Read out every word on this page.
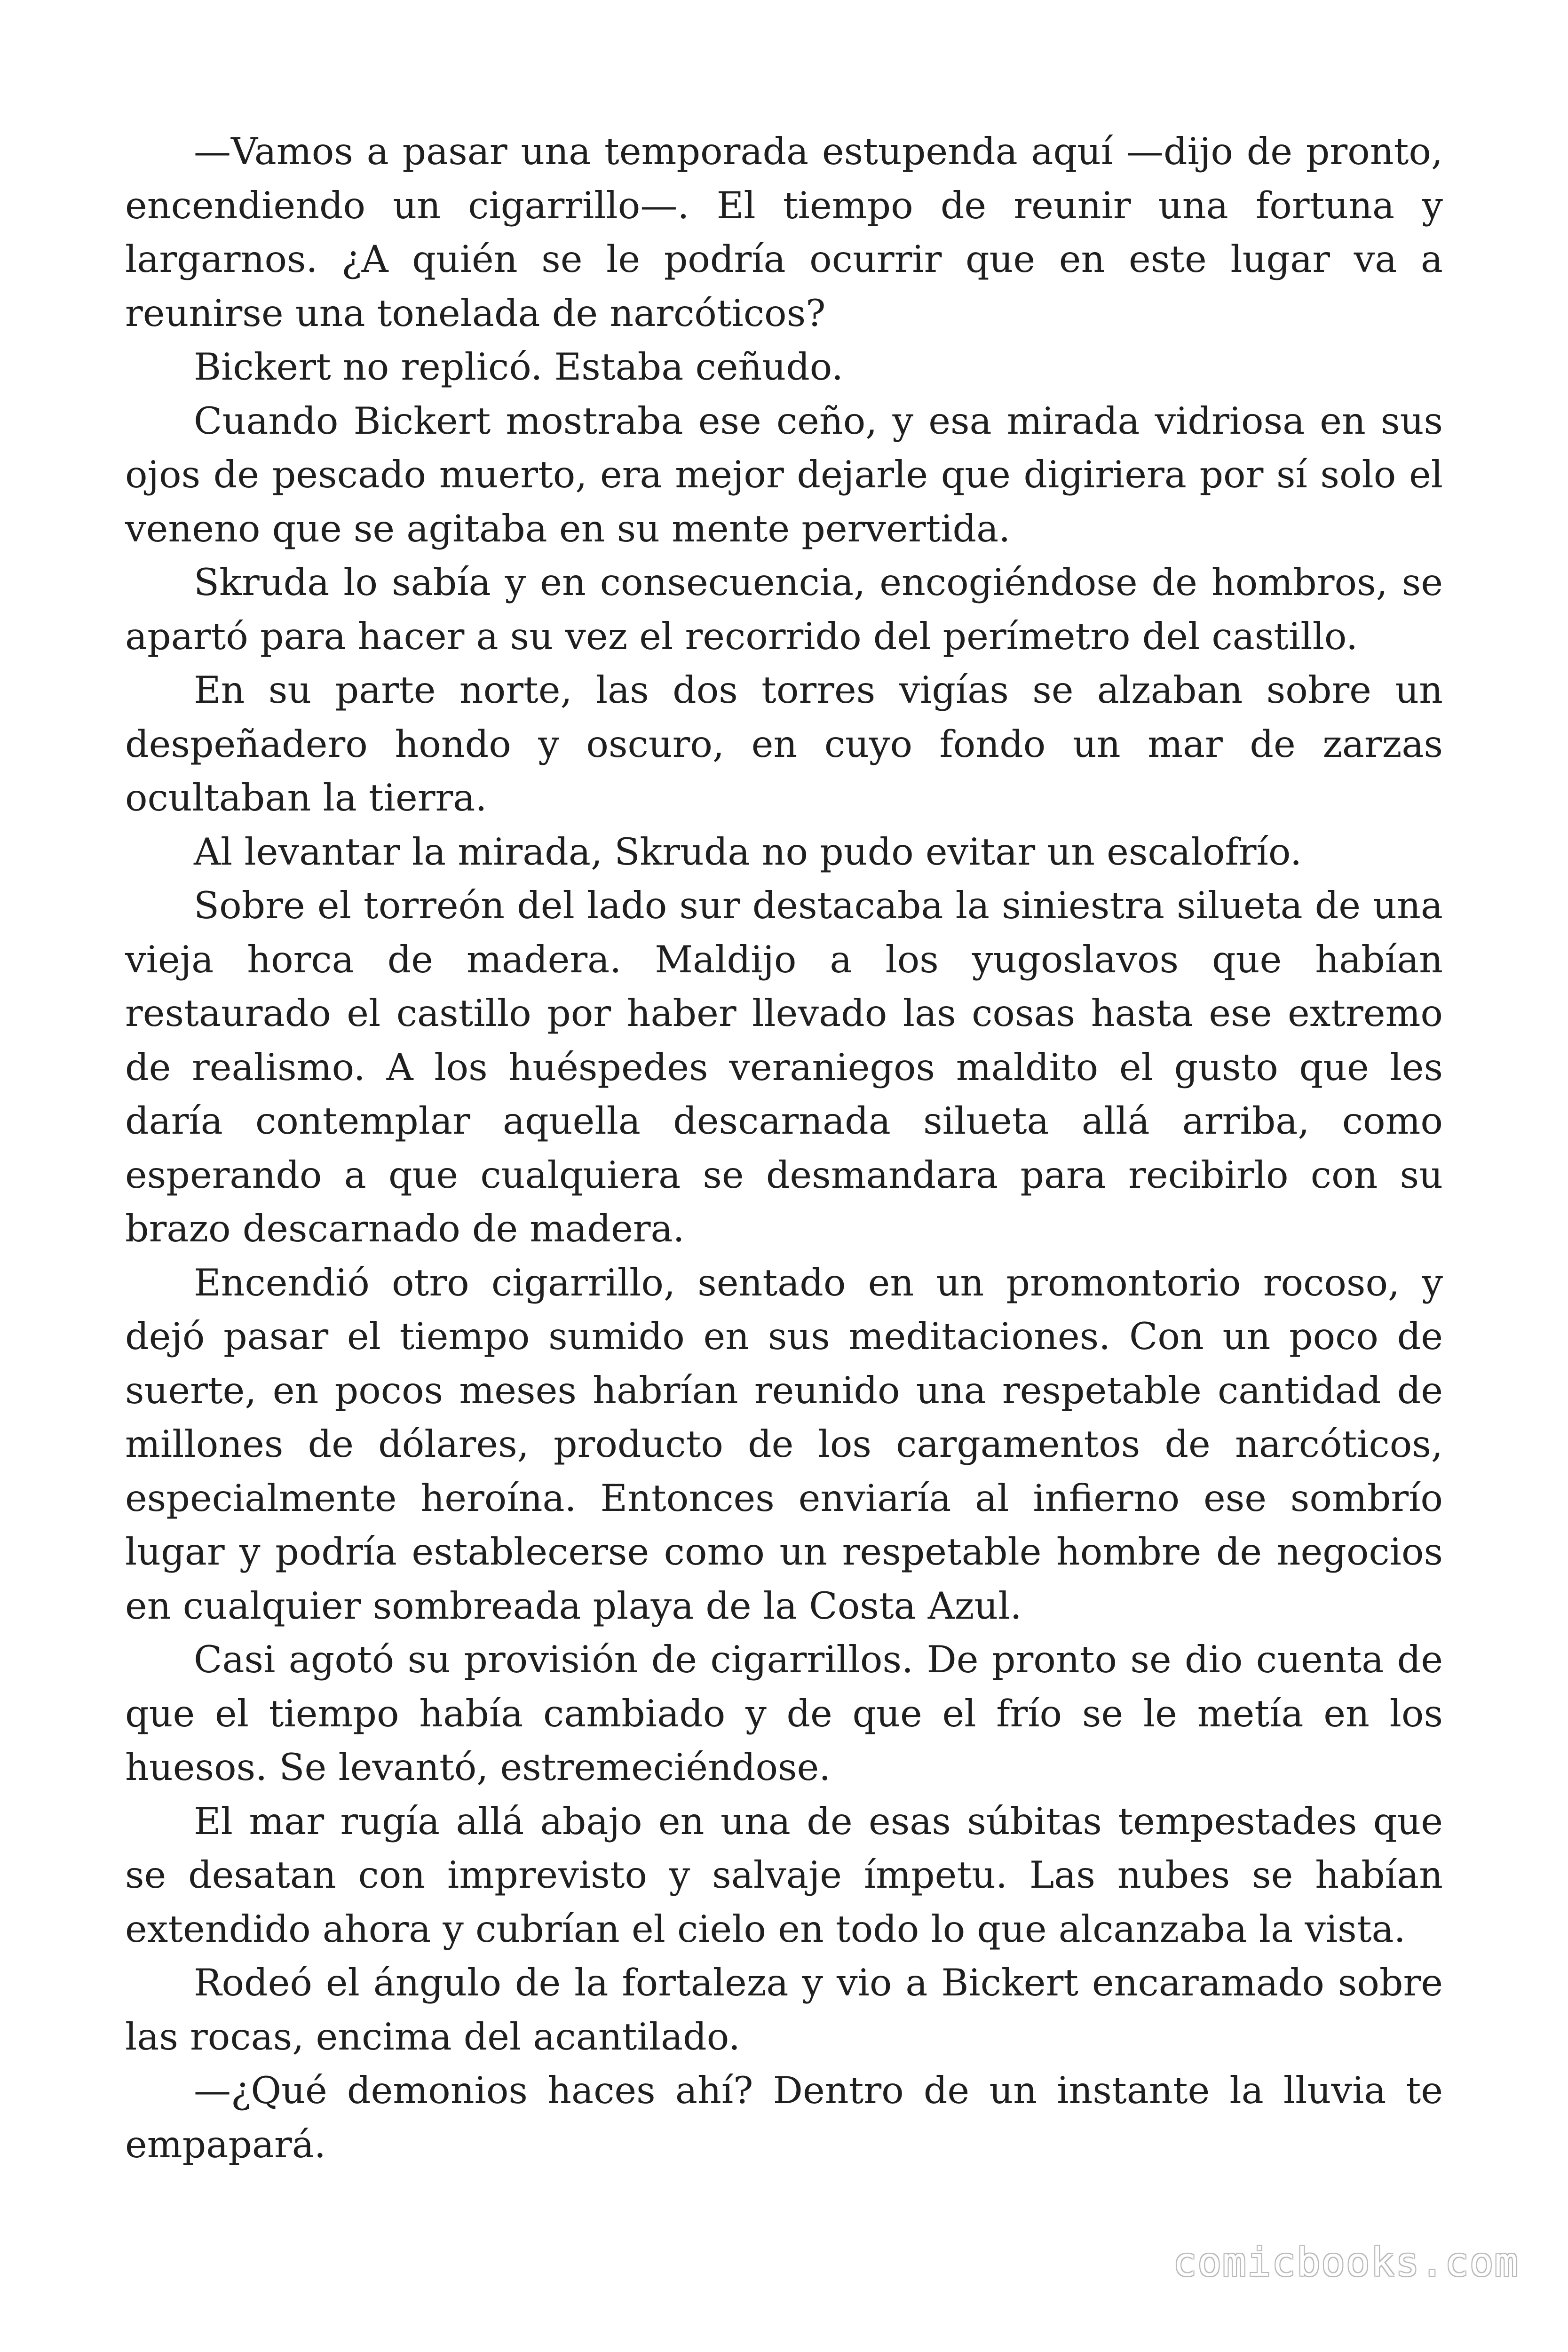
—Vamos a pasar una temporada estupenda aquí —dijo de pronto, encendiendo un cigarrillo—. El tiempo de reunir una fortuna y largarnos. ¿A quién se le podría ocurrir que en este lugar va a reunirse una tonelada de narcóticos?

Bickert no replicó. Estaba ceñudo.

Cuando Bickert mostraba ese ceño, y esa mirada vidriosa en sus ojos de pescado muerto, era mejor dejarle que digiriera por sí solo el veneno que se agitaba en su mente pervertida.

Skruda lo sabía y en consecuencia, encogiéndose de hombros, se apartó para hacer a su vez el recorrido del perímetro del castillo.

En su parte norte, las dos torres vigías se alzaban sobre un despeñadero hondo y oscuro, en cuyo fondo un mar de zarzas ocultaban la tierra.

Al levantar la mirada, Skruda no pudo evitar un escalofrío.

Sobre el torreón del lado sur destacaba la siniestra silueta de una vieja horca de madera. Maldijo a los yugoslavos que habían restaurado el castillo por haber llevado las cosas hasta ese extremo de realismo. A los huéspedes veraniegos maldito el gusto que les daría contemplar aquella descarnada silueta allá arriba, como esperando a que cualquiera se desmandara para recibirlo con su brazo descarnado de madera.

Encendió otro cigarrillo, sentado en un promontorio rocoso, y dejó pasar el tiempo sumido en sus meditaciones. Con un poco de suerte, en pocos meses habrían reunido una respetable cantidad de millones de dólares, producto de los cargamentos de narcóticos, especialmente heroína. Entonces enviaría al infierno ese sombrío lugar y podría establecerse como un respetable hombre de negocios en cualquier sombreada playa de la Costa Azul.

Casi agotó su provisión de cigarrillos. De pronto se dio cuenta de que el tiempo había cambiado y de que el frío se le metía en los huesos. Se levantó, estremeciéndose.

El mar rugía allá abajo en una de esas súbitas tempestades que se desatan con imprevisto y salvaje ímpetu. Las nubes se habían extendido ahora y cubrían el cielo en todo lo que alcanzaba la vista.

Rodeó el ángulo de la fortaleza y vio a Bickert encaramado sobre las rocas, encima del acantilado.

—¿Qué demonios haces ahí? Dentro de un instante la lluvia te empapará.

comicbooks.com
